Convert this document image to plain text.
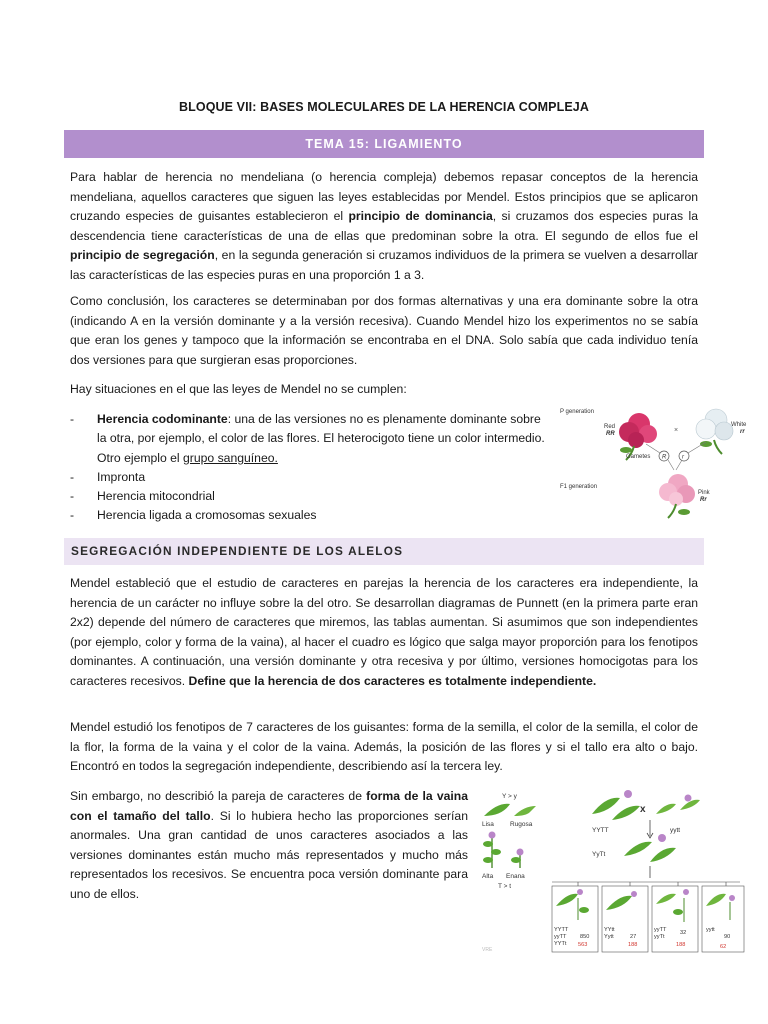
BLOQUE VII: BASES MOLECULARES DE LA HERENCIA COMPLEJA
TEMA 15: LIGAMIENTO

Para hablar de herencia no mendeliana (o herencia compleja) debemos repasar conceptos de la herencia mendeliana, aquellos caracteres que siguen las leyes establecidas por Mendel. Estos principios que se aplicaron cruzando especies de guisantes establecieron el principio de dominancia, si cruzamos dos especies puras la descendencia tiene características de una de ellas que predominan sobre la otra. El segundo de ellos fue el principio de segregación, en la segunda generación si cruzamos individuos de la primera se vuelven a desarrollar las características de las especies puras en una proporción 1 a 3.

Como conclusión, los caracteres se determinaban por dos formas alternativas y una era dominante sobre la otra (indicando A en la versión dominante y a la versión recesiva). Cuando Mendel hizo los experimentos no se sabía que eran los genes y tampoco que la información se encontraba en el DNA. Solo sabía que cada individuo tenía dos versiones para que surgieran esas proporciones.

Hay situaciones en el que las leyes de Mendel no se cumplen:

- Herencia codominante: una de las versiones no es plenamente dominante sobre la otra, por ejemplo, el color de las flores. El heterocigoto tiene un color intermedio. Otro ejemplo el grupo sanguíneo.
- Impronta
- Herencia mitocondrial
- Herencia ligada a cromosomas sexuales
P generation
Red
RR	×
White
rr
Gametes R	r
F1 generation
Pink
Rr
SEGREGACIÓN INDEPENDIENTE DE LOS ALELOS

Mendel estableció que el estudio de caracteres en parejas la herencia de los caracteres era independiente, la herencia de un carácter no influye sobre la del otro. Se desarrollan diagramas de Punnett (en la primera parte eran 2x2) depende del número de caracteres que miremos, las tablas aumentan. Si asumimos que son independientes (por ejemplo, color y forma de la vaina), al hacer el cuadro es lógico que salga mayor proporción para los fenotipos dominantes. A continuación, una versión dominante y otra recesiva y por último, versiones homocigotas para los caracteres recesivos. Define que la herencia de dos caracteres es totalmente independiente.

Mendel estudió los fenotipos de 7 caracteres de los guisantes: forma de la semilla, el color de la semilla, el color de la flor, la forma de la vaina y el color de la vaina. Además, la posición de las flores y si el tallo era alto o bajo. Encontró en todos la segregación independiente, describiendo así la tercera ley.

Sin embargo, no describió la pareja de caracteres de forma de la vaina con el tamaño del tallo. Si lo hubiera hecho las proporciones serían anormales. Una gran cantidad de unos caracteres asociados a las versiones dominantes están mucho más representados y mucho más representados los recesivos. Se encuentra poca versión dominante para uno de ellos.

Y > y
Lisa Rugosa
Alta Enana
T > t
x
YYTT	yytt
YyTt
YYTT
yyTT
YYTt
850
563
YYtt
Yytt	27
188
yyTT
yyTt
32
188
yytt
90
62
VRE
